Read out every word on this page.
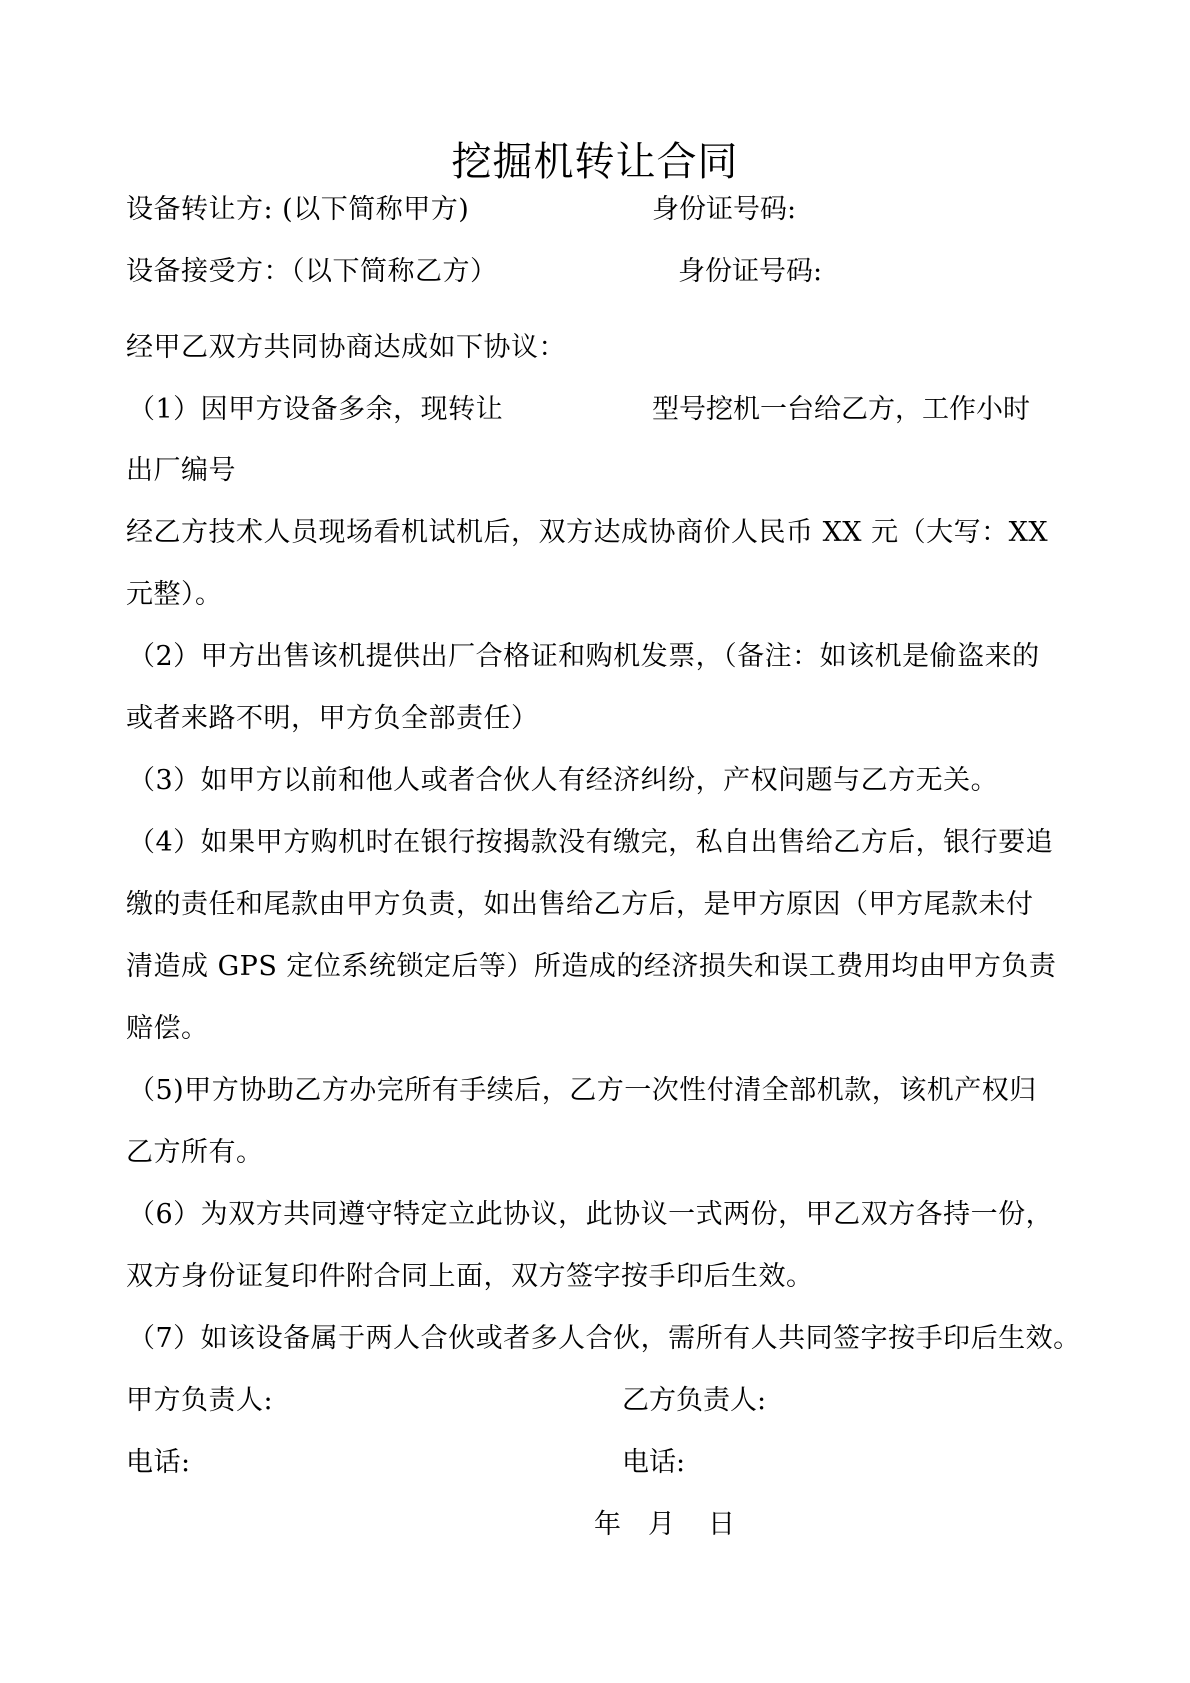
挖掘机转让合同
设备转让方: (以下简称甲方)	身份证号码:
设备接受方：（以下简称乙方）	身份证号码:
经甲乙双方共同协商达成如下协议：
（1）因甲方设备多余，现转让	型号挖机一台给乙方，工作小时
出厂编号
经乙方技术人员现场看机试机后，双方达成协商价人民币 XX 元（大写：XX
元整）。
（2）甲方出售该机提供出厂合格证和购机发票，（备注：如该机是偷盗来的
或者来路不明，甲方负全部责任）
（3）如甲方以前和他人或者合伙人有经济纠纷，产权问题与乙方无关。
（4）如果甲方购机时在银行按揭款没有缴完，私自出售给乙方后，银行要追
缴的责任和尾款由甲方负责，如出售给乙方后，是甲方原因（甲方尾款未付
清造成 GPS 定位系统锁定后等）所造成的经济损失和误工费用均由甲方负责
赔偿。
（5)甲方协助乙方办完所有手续后，乙方一次性付清全部机款，该机产权归
乙方所有。
（6）为双方共同遵守特定立此协议，此协议一式两份，甲乙双方各持一份，
双方身份证复印件附合同上面，双方签字按手印后生效。
（7）如该设备属于两人合伙或者多人合伙，需所有人共同签字按手印后生效。
甲方负责人:	乙方负责人:
电话:	电话:
年 月 日
